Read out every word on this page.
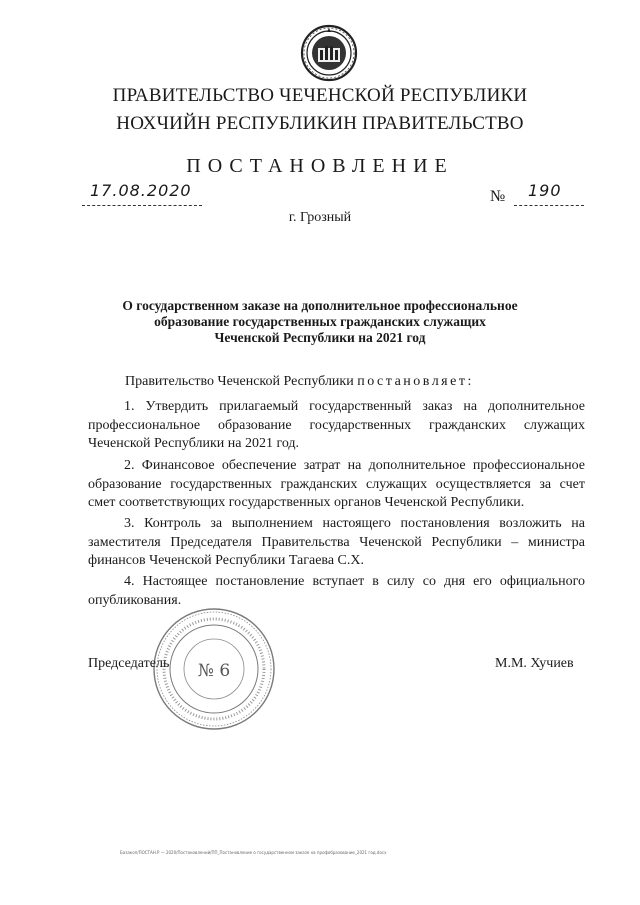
ПРАВИТЕЛЬСТВО ЧЕЧЕНСКОЙ РЕСПУБЛИКИ
НОХЧИЙН РЕСПУБЛИКИН ПРАВИТЕЛЬСТВО
ПОСТАНОВЛЕНИЕ
17.08.2020	№ 190
г. Грозный
О государственном заказе на дополнительное профессиональное
образование государственных гражданских служащих
Чеченской Республики на 2021 год
Правительство Чеченской Республики постановляет:
1. Утвердить прилагаемый государственный заказ на дополнительное профессиональное образование государственных гражданских служащих Чеченской Республики на 2021 год.
2. Финансовое обеспечение затрат на дополнительное профессиональное образование государственных гражданских служащих осуществляется за счет смет соответствующих государственных органов Чеченской Республики.
3. Контроль за выполнением настоящего постановления возложить на заместителя Председателя Правительства Чеченской Республики – министра финансов Чеченской Республики Тагаева С.Х.
4. Настоящее постановление вступает в силу со дня его официального опубликования.
№ 6
Председатель	М.М. Хучиев
Базакоп/ПОСТАН.Р — 2020/Постановлений/ПП_Постановление о государственном заказе на профобразование_2021 год.docx
